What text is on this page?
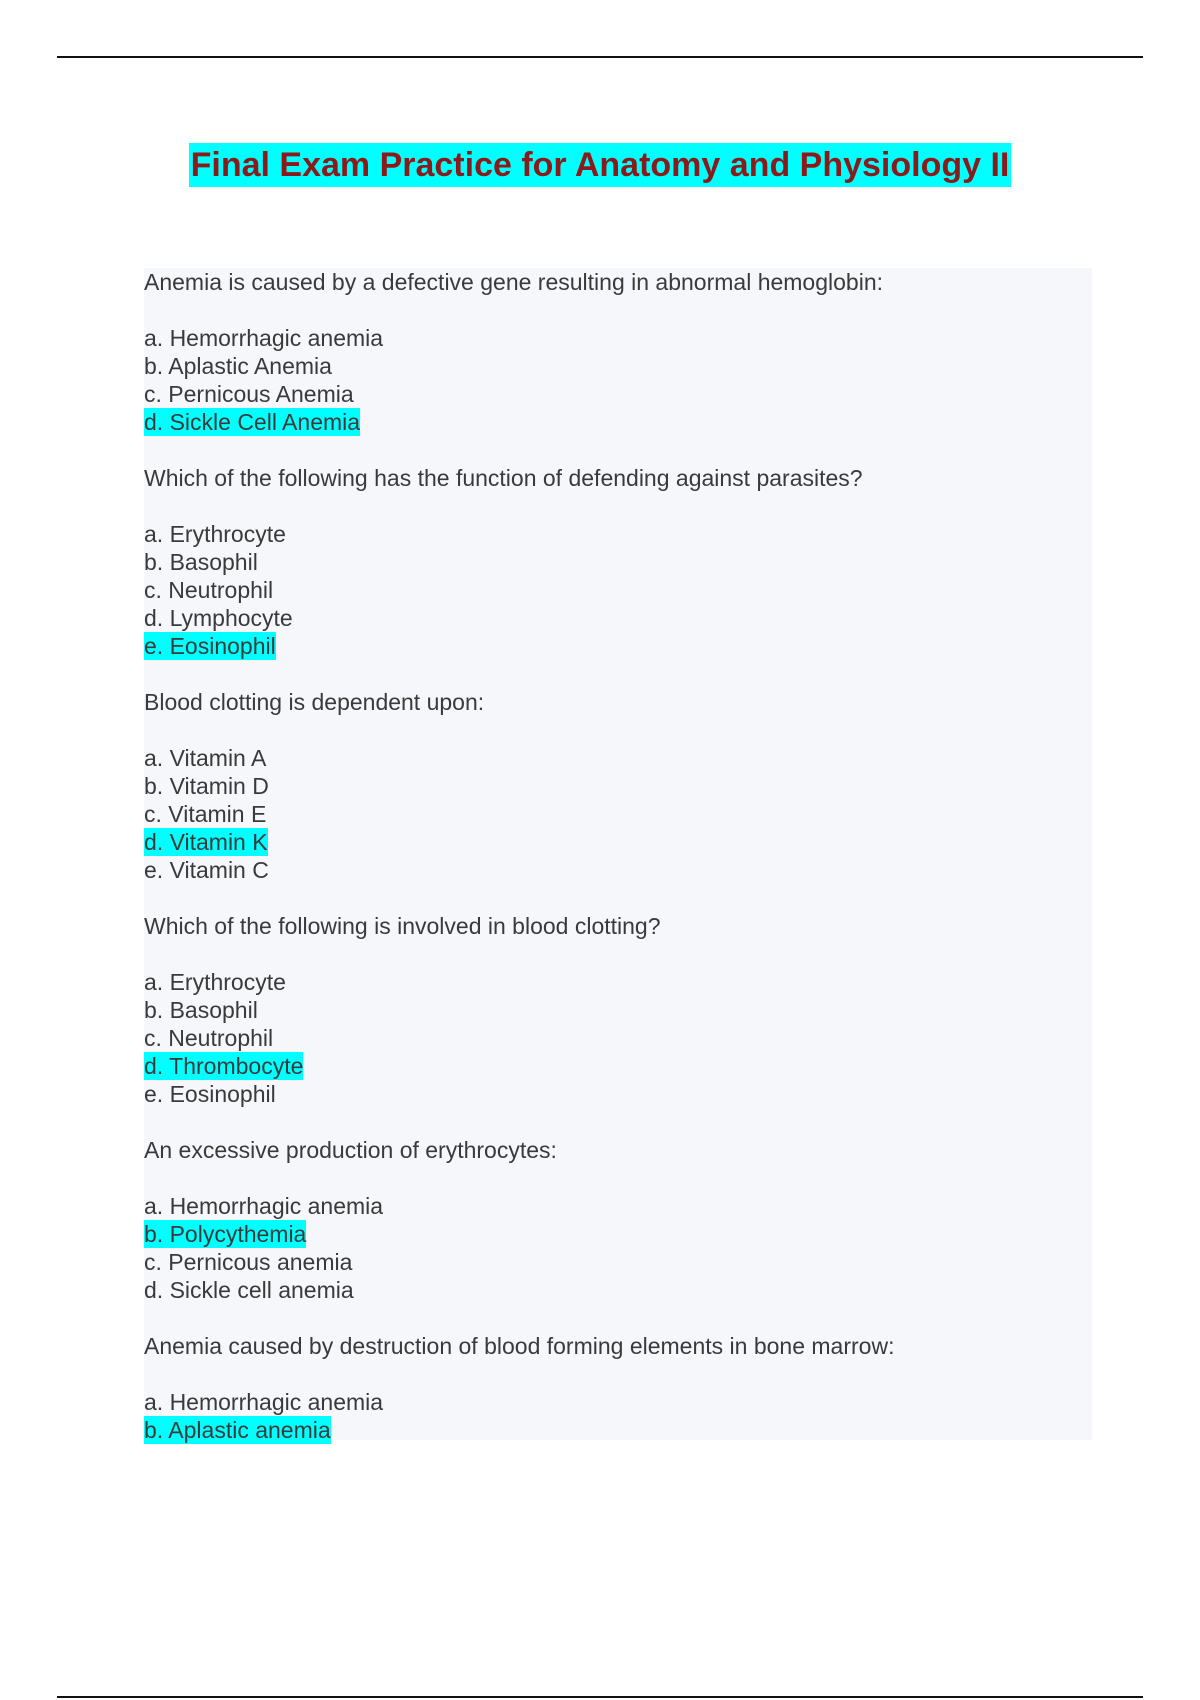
Final Exam Practice for Anatomy and Physiology II
Anemia is caused by a defective gene resulting in abnormal hemoglobin:
a. Hemorrhagic anemia
b. Aplastic Anemia
c. Pernicous Anemia
d. Sickle Cell Anemia
Which of the following has the function of defending against parasites?
a. Erythrocyte
b. Basophil
c. Neutrophil
d. Lymphocyte
e. Eosinophil
Blood clotting is dependent upon:
a. Vitamin A
b. Vitamin D
c. Vitamin E
d. Vitamin K
e. Vitamin C
Which of the following is involved in blood clotting?
a. Erythrocyte
b. Basophil
c. Neutrophil
d. Thrombocyte
e. Eosinophil
An excessive production of erythrocytes:
a. Hemorrhagic anemia
b. Polycythemia
c. Pernicous anemia
d. Sickle cell anemia
Anemia caused by destruction of blood forming elements in bone marrow:
a. Hemorrhagic anemia
b. Aplastic anemia
